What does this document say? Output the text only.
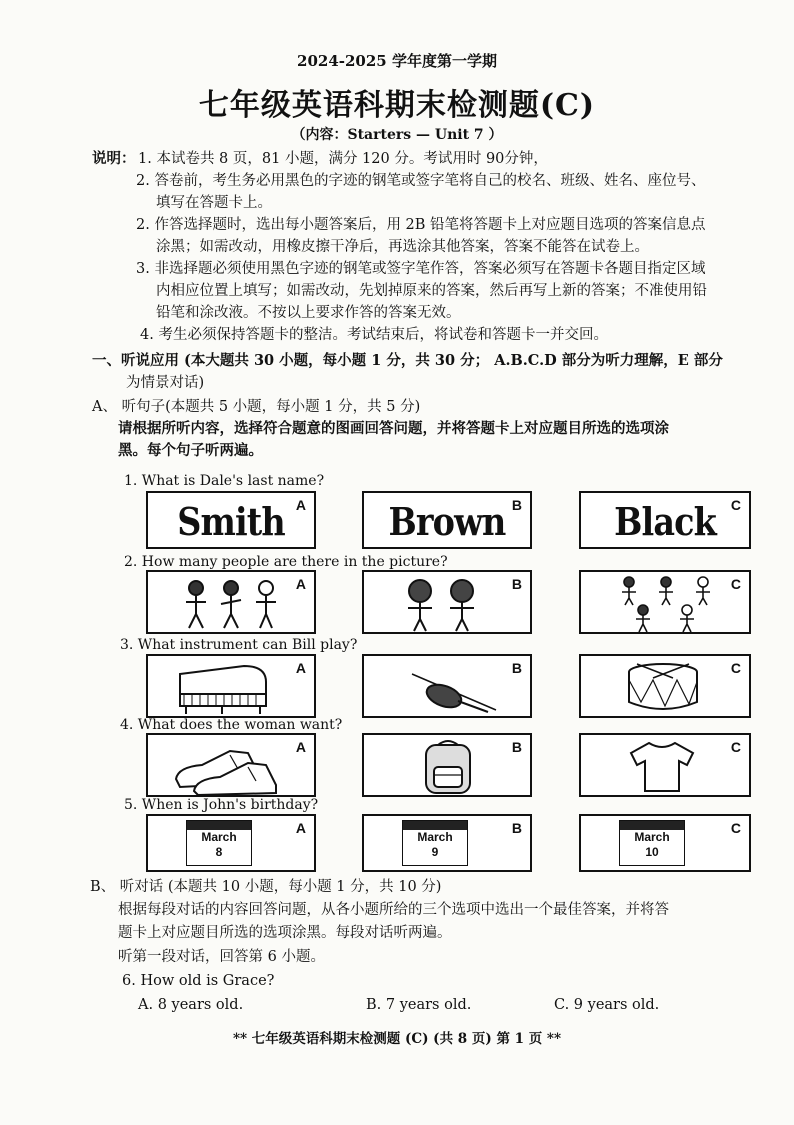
2024-2025 学年度第一学期
七年级英语科期末检测题(C)
（内容：Starters — Unit 7 ）
说明： 1. 本试卷共 8 页，81 小题，满分 120 分。考试用时 90分钟，
2. 答卷前，考生务必用黑色的字迹的钢笔或签字笔将自己的校名、班级、姓名、座位号、
填写在答题卡上。
2. 作答选择题时，选出每小题答案后，用 2B 铅笔将答题卡上对应题目选项的答案信息点
涂黑；如需改动，用橡皮擦干净后，再选涂其他答案，答案不能答在试卷上。
3. 非选择题必须使用黑色字迹的钢笔或签字笔作答，答案必须写在答题卡各题目指定区域
内相应位置上填写；如需改动，先划掉原来的答案，然后再写上新的答案；不准使用铅
铅笔和涂改液。不按以上要求作答的答案无效。
4. 考生必须保持答题卡的整洁。考试结束后，将试卷和答题卡一并交回。
一、听说应用 (本大题共 30 小题，每小题 1 分，共 30 分； A.B.C.D 部分为听力理解，E 部分
为情景对话)
A、 听句子(本题共 5 小题，每小题 1 分，共 5 分)
请根据所听内容，选择符合题意的图画回答问题，并将答题卡上对应题目所选的选项涂
黑。每个句子听两遍。
1. What is Dale's last name?
Smith A	Brown B	Black	C
2. How many people are there in the picture?
A	B	C
3. What instrument can Bill play?
A	B	C
4. What does the woman want?
A	B	C
5. When is John's birthday?
March
8
A
March
9
B
March
10
C
B、 听对话 (本题共 10 小题，每小题 1 分，共 10 分)
根据每段对话的内容回答问题，从各小题所给的三个选项中选出一个最佳答案，并将答
题卡上对应题目所选的选项涂黑。每段对话听两遍。
听第一段对话，回答第 6 小题。
6. How old is Grace?
A. 8 years old.	B. 7 years old.	C. 9 years old.
** 七年级英语科期末检测题 (C) (共 8 页) 第 1 页 **
